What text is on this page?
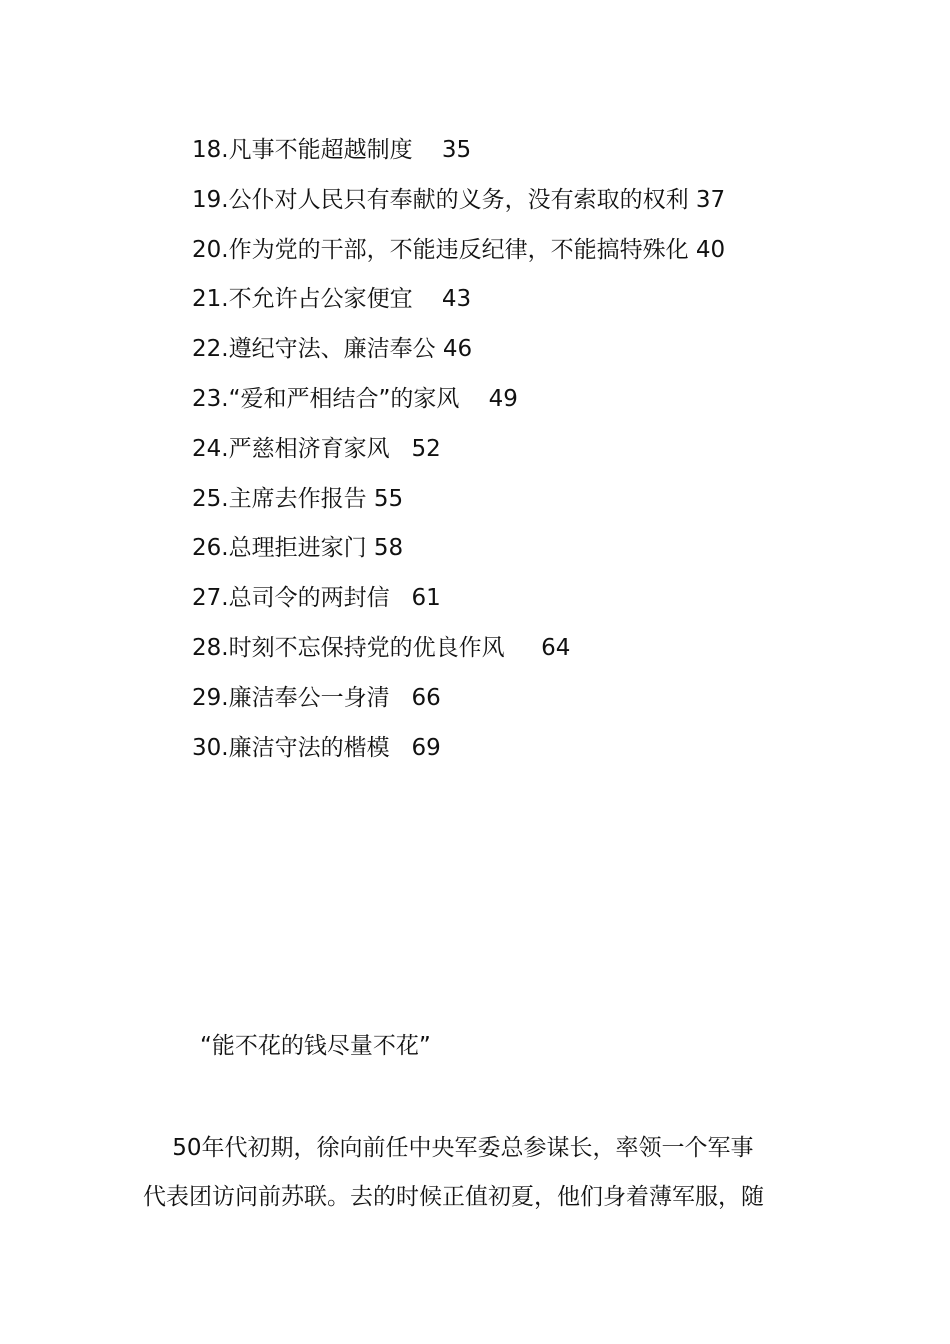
18.凡事不能超越制度    35
19.公仆对人民只有奉献的义务，没有索取的权利 37
20.作为党的干部，不能违反纪律，不能搞特殊化 40
21.不允许占公家便宜    43
22.遵纪守法、廉洁奉公 46
23.“爱和严相结合”的家风    49
24.严慈相济育家风   52
25.主席去作报告 55
26.总理拒进家门 58
27.总司令的两封信   61
28.时刻不忘保持党的优良作风     64
29.廉洁奉公一身清   66
30.廉洁守法的楷模   69
“能不花的钱尽量不花”
50年代初期，徐向前任中央军委总参谋长，率领一个军事
代表团访问前苏联。去的时候正值初夏，他们身着薄军服，随
